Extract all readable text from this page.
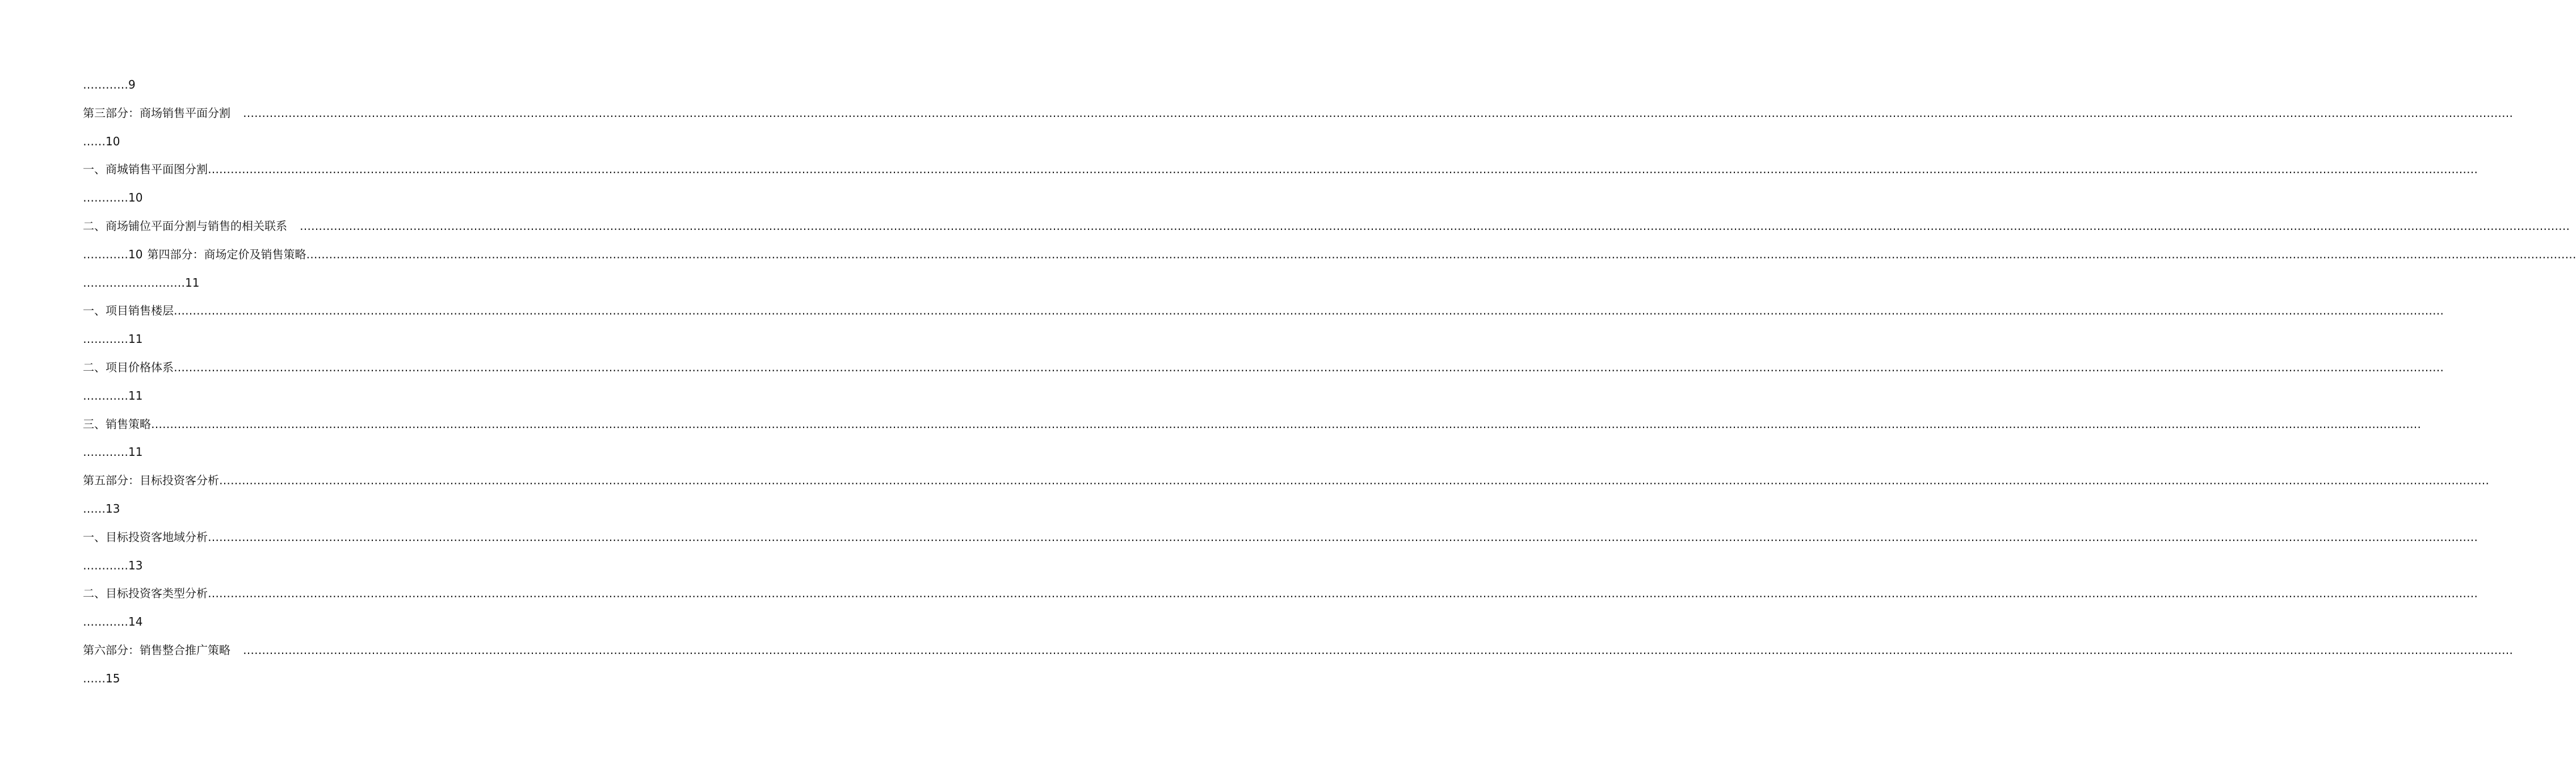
………… 9
第三部分：商场销售平面分割 ……………………………………………………………………………………………………………………………………………………………………………………………………………………………………………………………………………………………………………………………………………………………………………………………………………………………………………………………………………………………………………………………………………………
…… 10
一、商城销售平面图分割 ……………………………………………………………………………………………………………………………………………………………………………………………………………………………………………………………………………………………………………………………………………………………………………………………………………………………………………………………………………………………………………………………………………………
………… 10
二、商场铺位平面分割与销售的相关联系 ……………………………………………………………………………………………………………………………………………………………………………………………………………………………………………………………………………………………………………………………………………………………………………………………………………………………………………………………………………………………………………………………………………………
………… 10 第四部分：商场定价及销售策略 ……………………………………………………………………………………………………………………………………………………………………………………………………………………………………………………………………………………………………………………………………………………………………………………………………………………………………………………………………………………………………………………………………………………
……………………… 11
一、项目销售楼层 ……………………………………………………………………………………………………………………………………………………………………………………………………………………………………………………………………………………………………………………………………………………………………………………………………………………………………………………………………………………………………………………………………………………
………… 11
二、项目价格体系 ……………………………………………………………………………………………………………………………………………………………………………………………………………………………………………………………………………………………………………………………………………………………………………………………………………………………………………………………………………………………………………………………………………………
………… 11
三、销售策略 ……………………………………………………………………………………………………………………………………………………………………………………………………………………………………………………………………………………………………………………………………………………………………………………………………………………………………………………………………………………………………………………………………………………
………… 11
第五部分：目标投资客分析 ……………………………………………………………………………………………………………………………………………………………………………………………………………………………………………………………………………………………………………………………………………………………………………………………………………………………………………………………………………………………………………………………………………………
…… 13
一、目标投资客地域分析 ……………………………………………………………………………………………………………………………………………………………………………………………………………………………………………………………………………………………………………………………………………………………………………………………………………………………………………………………………………………………………………………………………………………
………… 13
二、目标投资客类型分析 ……………………………………………………………………………………………………………………………………………………………………………………………………………………………………………………………………………………………………………………………………………………………………………………………………………………………………………………………………………………………………………………………………………………
………… 14
第六部分：销售整合推广策略 ……………………………………………………………………………………………………………………………………………………………………………………………………………………………………………………………………………………………………………………………………………………………………………………………………………………………………………………………………………………………………………………………………………………
…… 15
